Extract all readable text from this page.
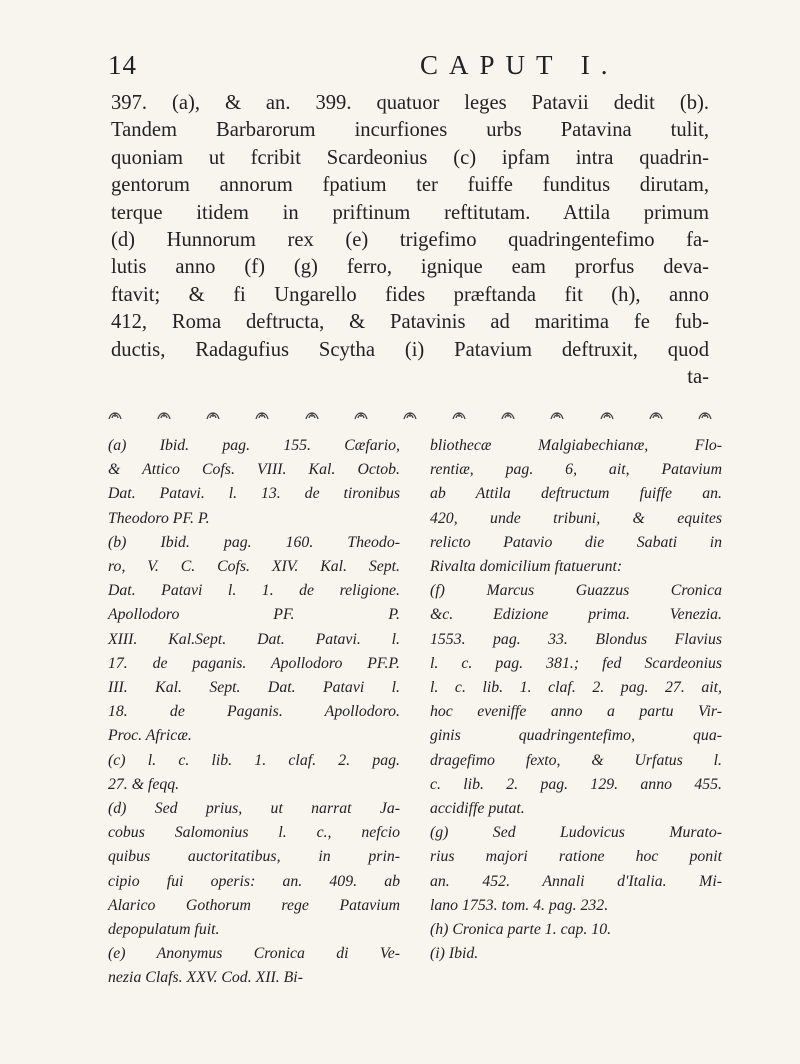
14	CAPUT I.
397. (a), & an. 399. quatuor leges Patavii dedit (b).
Tandem Barbarorum incurfiones urbs Patavina tulit,
quoniam ut fcribit Scardeonius (c) ipfam intra quadrin-
gentorum annorum fpatium ter fuiffe funditus dirutam,
terque itidem in priftinum reftitutam. Attila primum
(d) Hunnorum rex (e) trigefimo quadringentefimo fa-
lutis anno (f) (g) ferro, ignique eam prorfus deva-
ftavit; & fi Ungarello fides præftanda fit (h), anno
412, Roma deftructa, & Patavinis ad maritima fe fub-
ductis, Radagufius Scytha (i) Patavium deftruxit, quod
ta-
(a) Ibid. pag. 155. Cæfario,
& Attico Cofs. VIII. Kal. Octob.
Dat. Patavi. l. 13. de tironibus
Theodoro PF. P.
(b) Ibid. pag. 160. Theodo-
ro, V. C. Cofs. XIV. Kal. Sept.
Dat. Patavi l. 1. de religione.
Apollodoro PF. P.
XIII. Kal.Sept. Dat. Patavi. l.
17. de paganis. Apollodoro PF.P.
III. Kal. Sept. Dat. Patavi l.
18. de Paganis. Apollodoro.
Proc. Africæ.
(c) l. c. lib. 1. claf. 2. pag.
27. & feqq.
(d) Sed prius, ut narrat Ja-
cobus Salomonius l. c., nefcio
quibus auctoritatibus, in prin-
cipio fui operis: an. 409. ab
Alarico Gothorum rege Patavium
depopulatum fuit.
(e) Anonymus Cronica di Ve-
nezia Clafs. XXV. Cod. XII. Bi-
bliothecæ Malgiabechianæ, Flo-
rentiæ, pag. 6, ait, Patavium
ab Attila deftructum fuiffe an.
420, unde tribuni, & equites
relicto Patavio die Sabati in
Rivalta domicilium ftatuerunt:
(f) Marcus Guazzus Cronica
&c. Edizione prima. Venezia.
1553. pag. 33. Blondus Flavius
l. c. pag. 381.; fed Scardeonius
l. c. lib. 1. claf. 2. pag. 27. ait,
hoc eveniffe anno a partu Vir-
ginis quadringentefimo, qua-
dragefimo fexto, & Urfatus l.
c. lib. 2. pag. 129. anno 455.
accidiffe putat.
(g) Sed Ludovicus Murato-
rius majori ratione hoc ponit
an. 452. Annali d'Italia. Mi-
lano 1753. tom. 4. pag. 232.
(h) Cronica parte 1. cap. 10.
(i) Ibid.
